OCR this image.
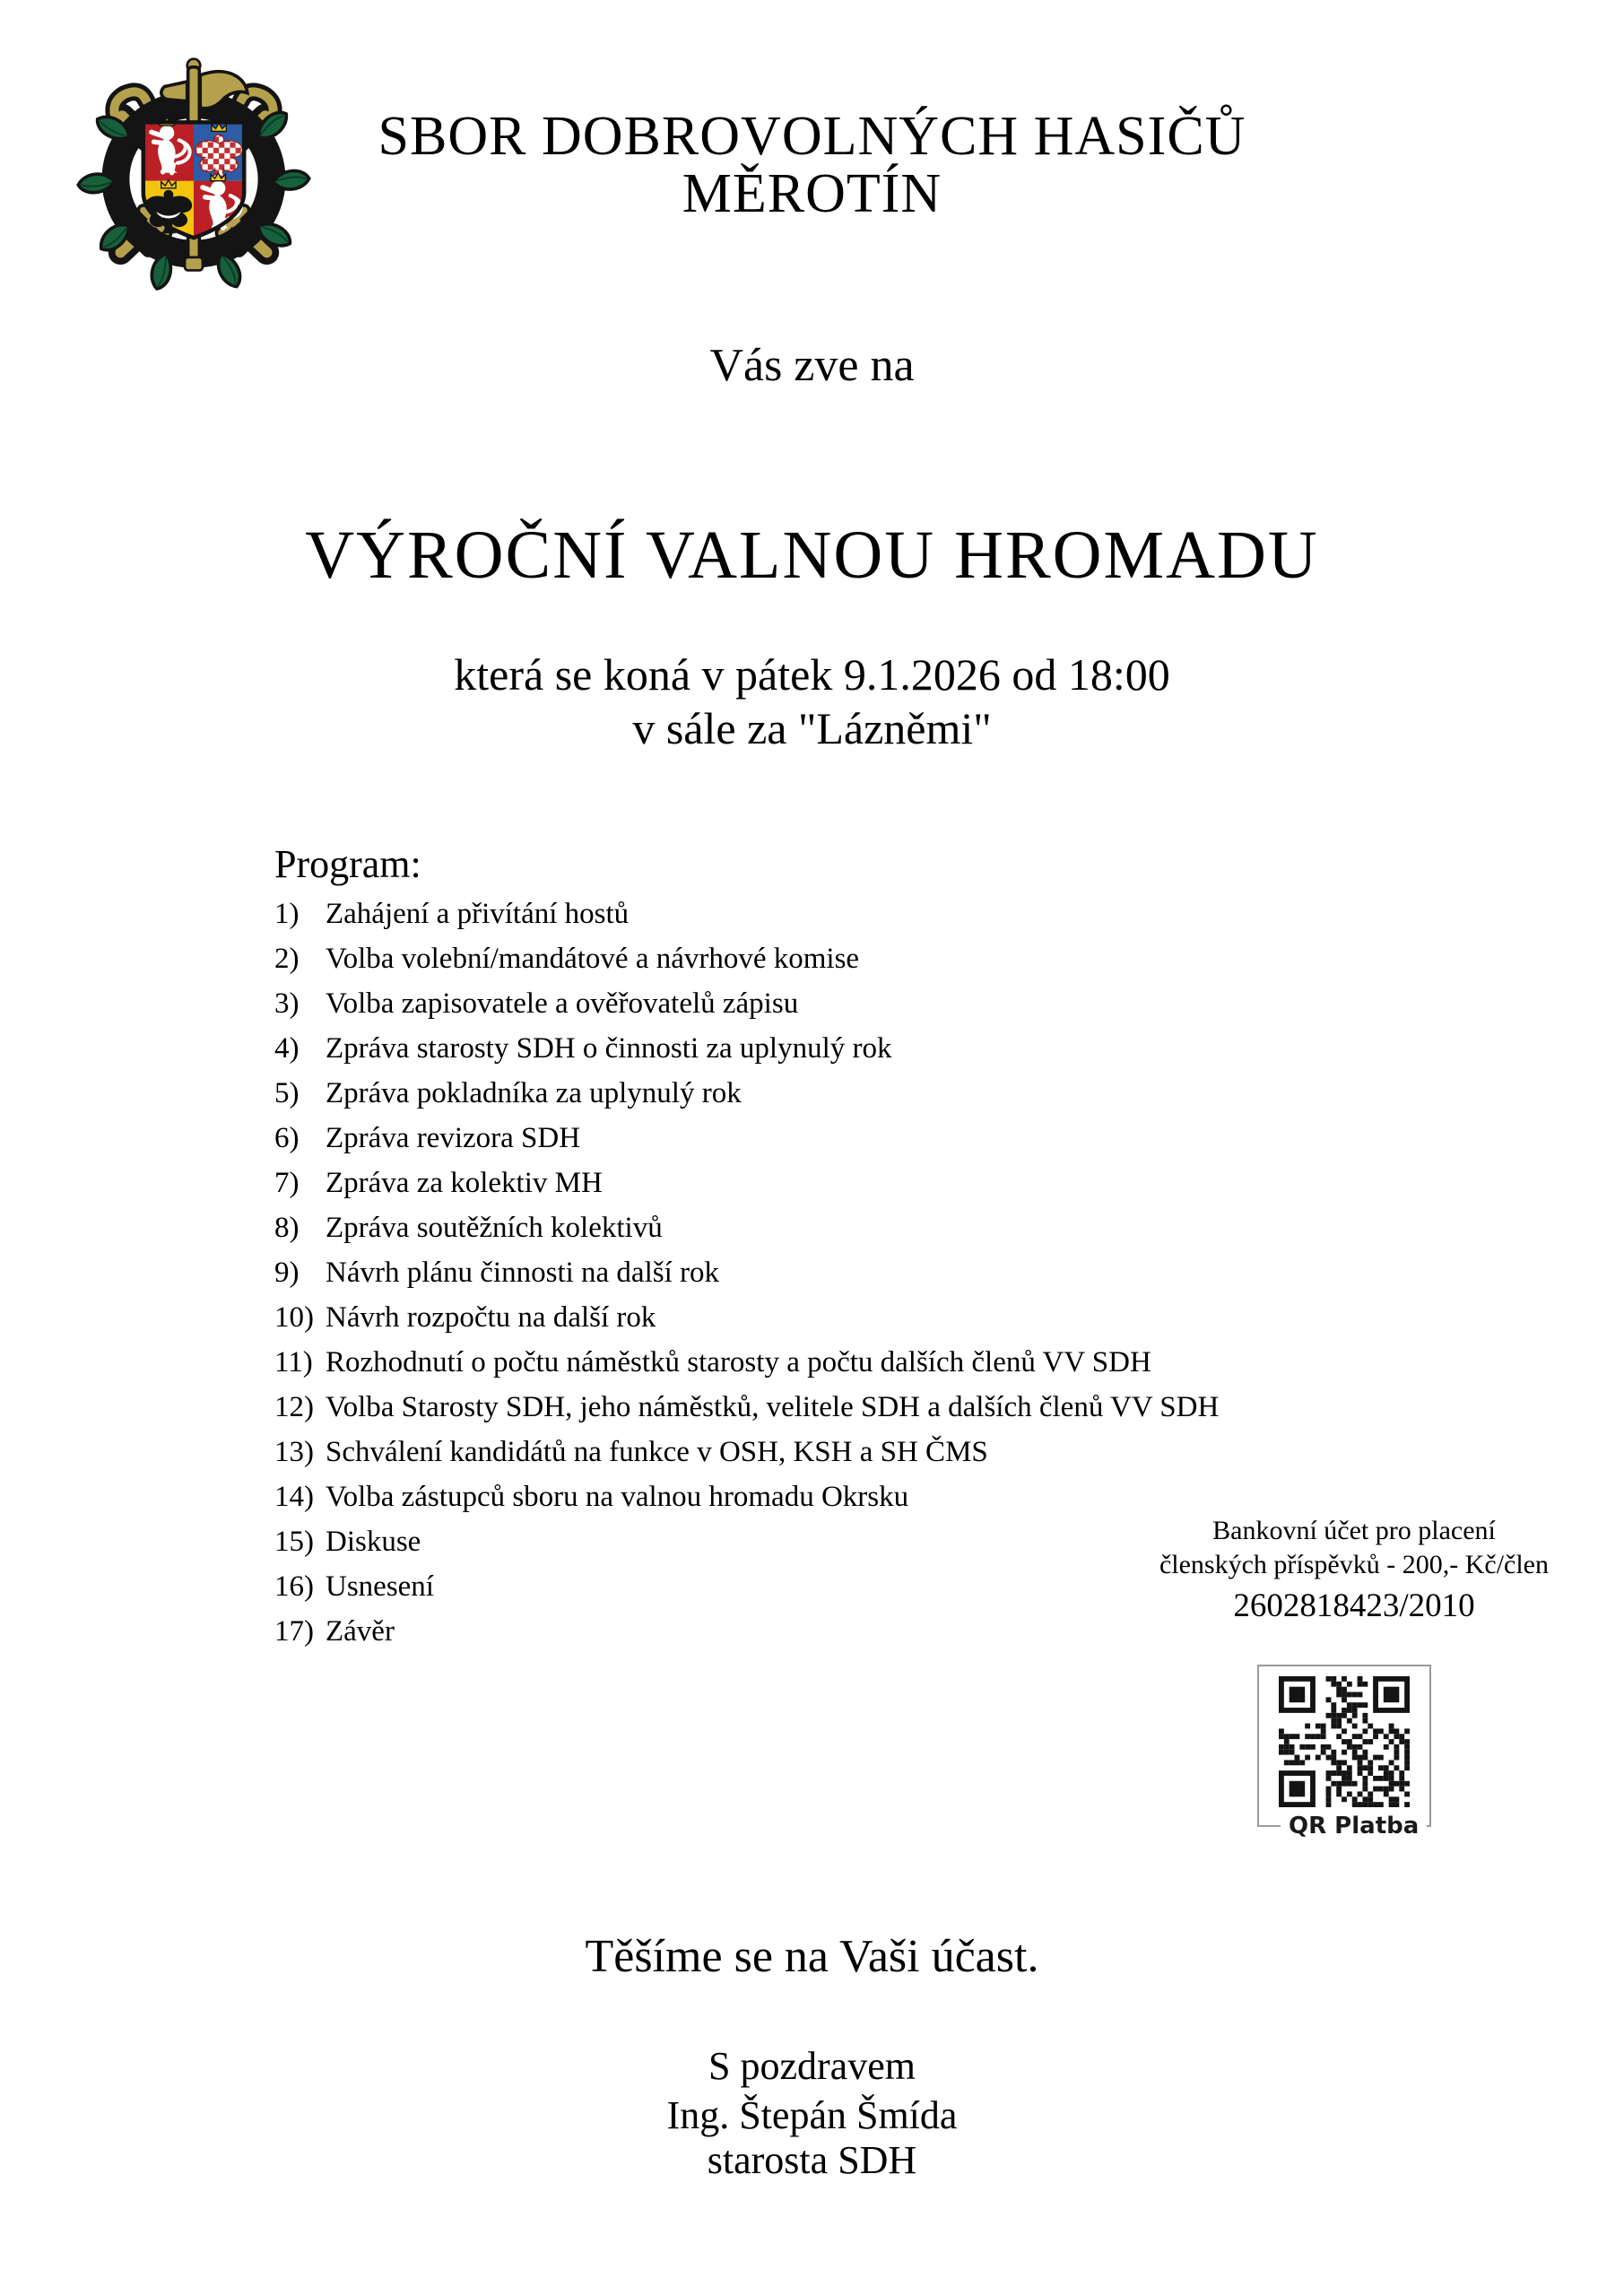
SBOR DOBROVOLNÝCH HASIČŮ
MĚROTÍN
Vás zve na
VÝROČNÍ VALNOU HROMADU
která se koná v pátek 9.1.2026 od 18:00
v sále za "Lázněmi"
Program:
1) Zahájení a přivítání hostů
2) Volba volební/mandátové a návrhové komise
3) Volba zapisovatele a ověřovatelů zápisu
4) Zpráva starosty SDH o činnosti za uplynulý rok
5) Zpráva pokladníka za uplynulý rok
6) Zpráva revizora SDH
7) Zpráva za kolektiv MH
8) Zpráva soutěžních kolektivů
9) Návrh plánu činnosti na další rok
10) Návrh rozpočtu na další rok
11) Rozhodnutí o počtu náměstků starosty a počtu dalších členů VV SDH
12) Volba Starosty SDH, jeho náměstků, velitele SDH a dalších členů VV SDH
13) Schválení kandidátů na funkce v OSH, KSH a SH ČMS
14) Volba zástupců sboru na valnou hromadu Okrsku
15) Diskuse
16) Usnesení
17) Závěr
Bankovní účet pro placení
členských příspěvků - 200,- Kč/člen
2602818423/2010
QR Platba
Těšíme se na Vaši účast.
S pozdravem
Ing. Štepán Šmída
starosta SDH
